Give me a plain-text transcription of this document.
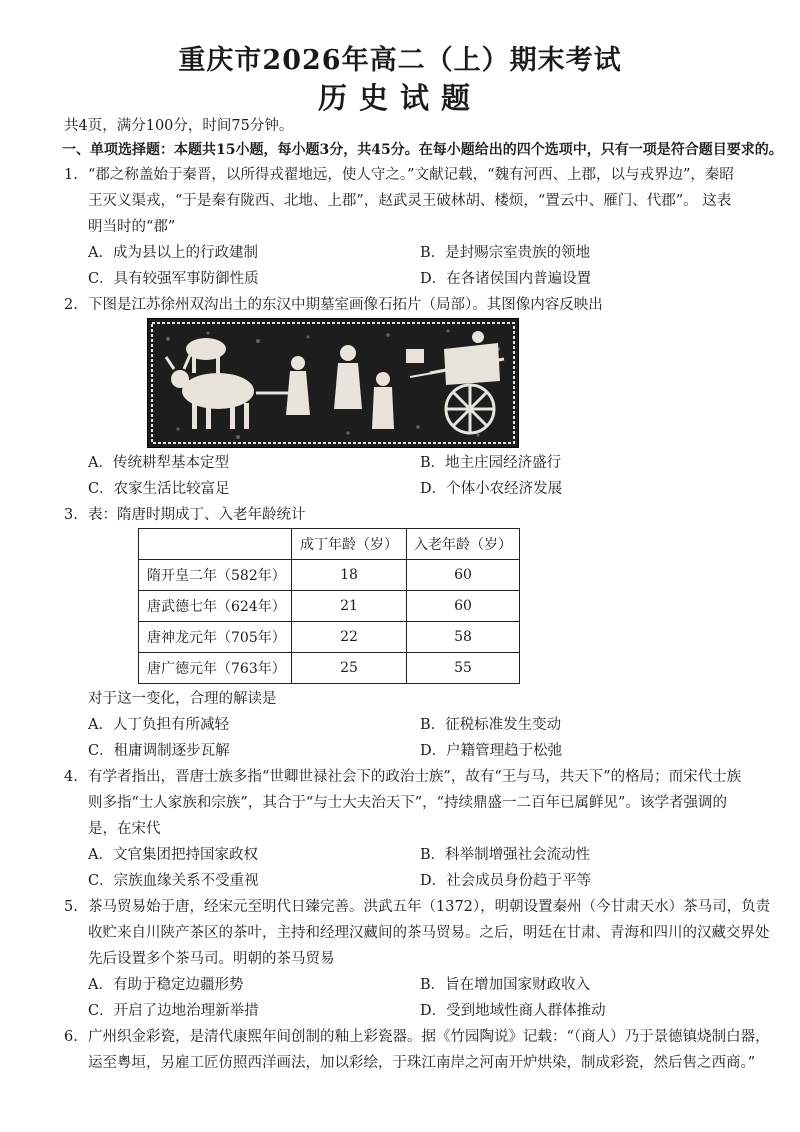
重庆市2026年高二（上）期末考试
历史试题
共4页，满分100分，时间75分钟。
一、单项选择题：本题共15小题，每小题3分，共45分。在每小题给出的四个选项中，只有一项是符合题目要求的。
1. “郡之称盖始于秦晋，以所得戎翟地远，使人守之。”文献记载，“魏有河西、上郡，以与戎界边”，秦昭
王灭义渠戎，“于是秦有陇西、北地、上郡”，赵武灵王破林胡、楼烦，“置云中、雁门、代郡”。 这表
明当时的“郡”
A．成为县以上的行政建制	B．是封赐宗室贵族的领地
C．具有较强军事防御性质	D．在各诸侯国内普遍设置
2. 下图是江苏徐州双沟出土的东汉中期墓室画像石拓片（局部）。其图像内容反映出
A．传统耕犁基本定型	B．地主庄园经济盛行
C．农家生活比较富足	D．个体小农经济发展
3. 表：隋唐时期成丁、入老年龄统计
	成丁年龄（岁）	入老年龄（岁）
隋开皇二年（582年）	18	60
唐武德七年（624年）	21	60
唐神龙元年（705年）	22	58
唐广德元年（763年）	25	55
对于这一变化，合理的解读是
A．人丁负担有所减轻	B．征税标准发生变动
C．租庸调制逐步瓦解	D．户籍管理趋于松弛
4. 有学者指出，晋唐士族多指“世卿世禄社会下的政治士族”，故有“王与马，共天下”的格局；而宋代士族
则多指“士人家族和宗族”，其合于“与士大夫治天下”，“持续鼎盛一二百年已属鲜见”。该学者强调的
是，在宋代
A．文官集团把持国家政权	B．科举制增强社会流动性
C．宗族血缘关系不受重视	D．社会成员身份趋于平等
5. 茶马贸易始于唐，经宋元至明代日臻完善。洪武五年（1372），明朝设置秦州（今甘肃天水）茶马司，负责
收贮来自川陕产茶区的茶叶，主持和经理汉藏间的茶马贸易。之后，明廷在甘肃、青海和四川的汉藏交界处
先后设置多个茶马司。明朝的茶马贸易
A．有助于稳定边疆形势	B．旨在增加国家财政收入
C．开启了边地治理新举措	D．受到地域性商人群体推动
6. 广州织金彩瓷，是清代康熙年间创制的釉上彩瓷器。据《竹园陶说》记载：“（商人）乃于景德镇烧制白器，
运至粤垣，另雇工匠仿照西洋画法，加以彩绘，于珠江南岸之河南开炉烘染，制成彩瓷，然后售之西商。”
